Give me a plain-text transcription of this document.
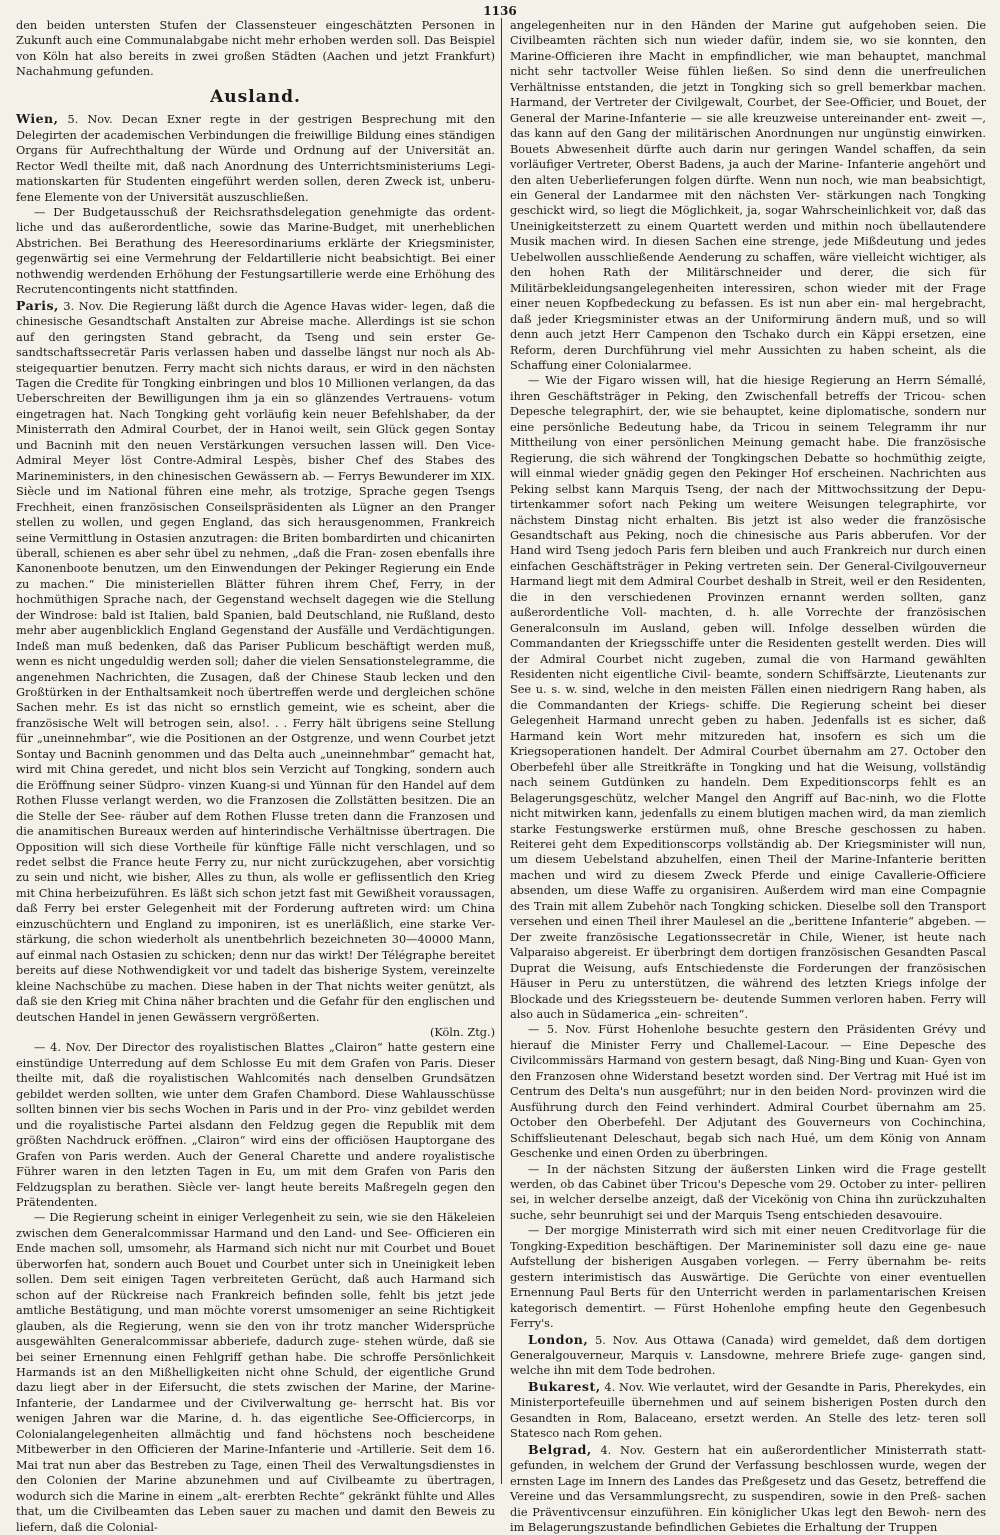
1136

den beiden untersten Stufen der Classensteuer eingeschätzten Personen in Zukunft auch eine Communalabgabe nicht mehr erhoben werden soll. Das Beispiel von Köln hat also bereits in zwei großen Städten (Aachen und jetzt Frankfurt) Nachahmung gefunden.

Ausland.

Wien, 5. Nov. Decan Exner regte in der gestrigen Besprechung mit den Delegirten der academischen Verbindungen die freiwillige Bildung eines ständigen Organs für Aufrechthaltung der Würde und Ordnung auf der Universität an. Rector Wedl theilte mit, daß nach Anordnung des Unterrichtsministeriums Legi- mationskarten für Studenten eingeführt werden sollen, deren Zweck ist, unberu- fene Elemente von der Universität auszuschließen.

— Der Budgetausschuß der Reichsrathsdelegation genehmigte das ordent- liche und das außerordentliche, sowie das Marine-Budget, mit unerheblichen Abstrichen. Bei Berathung des Heeresordinariums erklärte der Kriegsminister, gegenwärtig sei eine Vermehrung der Feldartillerie nicht beabsichtigt. Bei einer nothwendig werdenden Erhöhung der Festungsartillerie werde eine Erhöhung des Recrutencontingents nicht stattfinden.

Paris, 3. Nov. Die Regierung läßt durch die Agence Havas wider- legen, daß die chinesische Gesandtschaft Anstalten zur Abreise mache. Allerdings ist sie schon auf den geringsten Stand gebracht, da Tseng und sein erster Ge- sandtschaftssecretär Paris verlassen haben und dasselbe längst nur noch als Ab- steigequartier benutzen. Ferry macht sich nichts daraus, er wird in den nächsten Tagen die Credite für Tongking einbringen und blos 10 Millionen verlangen, da das Ueberschreiten der Bewilligungen ihm ja ein so glänzendes Vertrauens- votum eingetragen hat. Nach Tongking geht vorläufig kein neuer Befehlshaber, da der Ministerrath den Admiral Courbet, der in Hanoi weilt, sein Glück gegen Sontay und Bacninh mit den neuen Verstärkungen versuchen lassen will. Den Vice-Admiral Meyer löst Contre-Admiral Lespès, bisher Chef des Stabes des Marineministers, in den chinesischen Gewässern ab. — Ferrys Bewunderer im XIX. Siècle und im National führen eine mehr, als trotzige, Sprache gegen Tsengs Frechheit, einen französischen Conseilspräsidenten als Lügner an den Pranger stellen zu wollen, und gegen England, das sich herausgenommen, Frankreich seine Vermittlung in Ostasien anzutragen: die Briten bombardirten und chicanirten überall, schienen es aber sehr übel zu nehmen, „daß die Fran- zosen ebenfalls ihre Kanonenboote benutzen, um den Einwendungen der Pekinger Regierung ein Ende zu machen.“ Die ministeriellen Blätter führen ihrem Chef, Ferry, in der hochmüthigen Sprache nach, der Gegenstand wechselt dagegen wie die Stellung der Windrose: bald ist Italien, bald Spanien, bald Deutschland, nie Rußland, desto mehr aber augenblicklich England Gegenstand der Ausfälle und Verdächtigungen. Indeß man muß bedenken, daß das Pariser Publicum beschäftigt werden muß, wenn es nicht ungeduldig werden soll; daher die vielen Sensationstelegramme, die angenehmen Nachrichten, die Zusagen, daß der Chinese Staub lecken und den Großtürken in der Enthaltsamkeit noch übertreffen werde und dergleichen schöne Sachen mehr. Es ist das nicht so ernstlich gemeint, wie es scheint, aber die französische Welt will betrogen sein, also!. . . Ferry hält übrigens seine Stellung für „uneinnehmbar“, wie die Positionen an der Ostgrenze, und wenn Courbet jetzt Sontay und Bacninh genommen und das Delta auch „uneinnehmbar“ gemacht hat, wird mit China geredet, und nicht blos sein Verzicht auf Tongking, sondern auch die Eröffnung seiner Südpro- vinzen Kuang-si und Yünnan für den Handel auf dem Rothen Flusse verlangt werden, wo die Franzosen die Zollstätten besitzen. Die an die Stelle der See- räuber auf dem Rothen Flusse treten dann die Franzosen und die anamitischen Bureaux werden auf hinterindische Verhältnisse übertragen. Die Opposition will sich diese Vortheile für künftige Fälle nicht verschlagen, und so redet selbst die France heute Ferry zu, nur nicht zurückzugehen, aber vorsichtig zu sein und nicht, wie bisher, Alles zu thun, als wolle er geflissentlich den Krieg mit China herbeizuführen. Es läßt sich schon jetzt fast mit Gewißheit voraussagen, daß Ferry bei erster Gelegenheit mit der Forderung auftreten wird: um China einzuschüchtern und England zu imponiren, ist es unerläßlich, eine starke Ver- stärkung, die schon wiederholt als unentbehrlich bezeichneten 30—40000 Mann, auf einmal nach Ostasien zu schicken; denn nur das wirkt! Der Télégraphe bereitet bereits auf diese Nothwendigkeit vor und tadelt das bisherige System, vereinzelte kleine Nachschübe zu machen. Diese haben in der That nichts weiter genützt, als daß sie den Krieg mit China näher brachten und die Gefahr für den englischen und deutschen Handel in jenen Gewässern vergrößerten.

(Köln. Ztg.)

— 4. Nov. Der Director des royalistischen Blattes „Clairon“ hatte gestern eine einstündige Unterredung auf dem Schlosse Eu mit dem Grafen von Paris. Dieser theilte mit, daß die royalistischen Wahlcomités nach denselben Grundsätzen gebildet werden sollten, wie unter dem Grafen Chambord. Diese Wahlausschüsse sollten binnen vier bis sechs Wochen in Paris und in der Pro- vinz gebildet werden und die royalistische Partei alsdann den Feldzug gegen die Republik mit dem größten Nachdruck eröffnen. „Clairon“ wird eins der officiösen Hauptorgane des Grafen von Paris werden. Auch der General Charette und andere royalistische Führer waren in den letzten Tagen in Eu, um mit dem Grafen von Paris den Feldzugsplan zu berathen. Siècle ver- langt heute bereits Maßregeln gegen den Prätendenten.

— Die Regierung scheint in einiger Verlegenheit zu sein, wie sie den Häkeleien zwischen dem Generalcommissar Harmand und den Land- und See- Officieren ein Ende machen soll, umsomehr, als Harmand sich nicht nur mit Courbet und Bouet überworfen hat, sondern auch Bouet und Courbet unter sich in Uneinigkeit leben sollen. Dem seit einigen Tagen verbreiteten Gerücht, daß auch Harmand sich schon auf der Rückreise nach Frankreich befinden solle, fehlt bis jetzt jede amtliche Bestätigung, und man möchte vorerst umsomeniger an seine Richtigkeit glauben, als die Regierung, wenn sie den von ihr trotz mancher Widersprüche ausgewählten Generalcommissar abberiefe, dadurch zuge- stehen würde, daß sie bei seiner Ernennung einen Fehlgriff gethan habe. Die schroffe Persönlichkeit Harmands ist an den Mißhelligkeiten nicht ohne Schuld, der eigentliche Grund dazu liegt aber in der Eifersucht, die stets zwischen der Marine, der Marine-Infanterie, der Landarmee und der Civilverwaltung ge- herrscht hat. Bis vor wenigen Jahren war die Marine, d. h. das eigentliche See-Officiercorps, in Colonialangelegenheiten allmächtig und fand höchstens noch bescheidene Mitbewerber in den Officieren der Marine-Infanterie und -Artillerie. Seit dem 16. Mai trat nun aber das Bestreben zu Tage, einen Theil des Verwaltungsdienstes in den Colonien der Marine abzunehmen und auf Civilbeamte zu übertragen, wodurch sich die Marine in einem „alt- ererbten Rechte“ gekränkt fühlte und Alles that, um die Civilbeamten das Leben sauer zu machen und damit den Beweis zu liefern, daß die Colonial-

angelegenheiten nur in den Händen der Marine gut aufgehoben seien. Die Civilbeamten rächten sich nun wieder dafür, indem sie, wo sie konnten, den Marine-Officieren ihre Macht in empfindlicher, wie man behauptet, manchmal nicht sehr tactvoller Weise fühlen ließen. So sind denn die unerfreulichen Verhältnisse entstanden, die jetzt in Tongking sich so grell bemerkbar machen. Harmand, der Vertreter der Civilgewalt, Courbet, der See-Officier, und Bouet, der General der Marine-Infanterie — sie alle kreuzweise untereinander ent- zweit —, das kann auf den Gang der militärischen Anordnungen nur ungünstig einwirken. Bouets Abwesenheit dürfte auch darin nur geringen Wandel schaffen, da sein vorläufiger Vertreter, Oberst Badens, ja auch der Marine- Infanterie angehört und den alten Ueberlieferungen folgen dürfte. Wenn nun noch, wie man beabsichtigt, ein General der Landarmee mit den nächsten Ver- stärkungen nach Tongking geschickt wird, so liegt die Möglichkeit, ja, sogar Wahrscheinlichkeit vor, daß das Uneinigkeitsterzett zu einem Quartett werden und mithin noch übellautendere Musik machen wird. In diesen Sachen eine strenge, jede Mißdeutung und jedes Uebelwollen ausschließende Aenderung zu schaffen, wäre vielleicht wichtiger, als den hohen Rath der Militärschneider und derer, die sich für Militärbekleidungsangelegenheiten interessiren, schon wieder mit der Frage einer neuen Kopfbedeckung zu befassen. Es ist nun aber ein- mal hergebracht, daß jeder Kriegsminister etwas an der Uniformirung ändern muß, und so will denn auch jetzt Herr Campenon den Tschako durch ein Käppi ersetzen, eine Reform, deren Durchführung viel mehr Aussichten zu haben scheint, als die Schaffung einer Colonialarmee.

— Wie der Figaro wissen will, hat die hiesige Regierung an Herrn Sémallé, ihren Geschäftsträger in Peking, den Zwischenfall betreffs der Tricou- schen Depesche telegraphirt, der, wie sie behauptet, keine diplomatische, sondern nur eine persönliche Bedeutung habe, da Tricou in seinem Telegramm ihr nur Mittheilung von einer persönlichen Meinung gemacht habe. Die französische Regierung, die sich während der Tongkingschen Debatte so hochmüthig zeigte, will einmal wieder gnädig gegen den Pekinger Hof erscheinen. Nachrichten aus Peking selbst kann Marquis Tseng, der nach der Mittwochssitzung der Depu- tirtenkammer sofort nach Peking um weitere Weisungen telegraphirte, vor nächstem Dinstag nicht erhalten. Bis jetzt ist also weder die französische Gesandtschaft aus Peking, noch die chinesische aus Paris abberufen. Vor der Hand wird Tseng jedoch Paris fern bleiben und auch Frankreich nur durch einen einfachen Geschäftsträger in Peking vertreten sein. Der General-Civilgouverneur Harmand liegt mit dem Admiral Courbet deshalb in Streit, weil er den Residenten, die in den verschiedenen Provinzen ernannt werden sollten, ganz außerordentliche Voll- machten, d. h. alle Vorrechte der französischen Generalconsuln im Ausland, geben will. Infolge desselben würden die Commandanten der Kriegsschiffe unter die Residenten gestellt werden. Dies will der Admiral Courbet nicht zugeben, zumal die von Harmand gewählten Residenten nicht eigentliche Civil- beamte, sondern Schiffsärzte, Lieutenants zur See u. s. w. sind, welche in den meisten Fällen einen niedrigern Rang haben, als die Commandanten der Kriegs- schiffe. Die Regierung scheint bei dieser Gelegenheit Harmand unrecht geben zu haben. Jedenfalls ist es sicher, daß Harmand kein Wort mehr mitzureden hat, insofern es sich um die Kriegsoperationen handelt. Der Admiral Courbet übernahm am 27. October den Oberbefehl über alle Streitkräfte in Tongking und hat die Weisung, vollständig nach seinem Gutdünken zu handeln. Dem Expeditionscorps fehlt es an Belagerungsgeschütz, welcher Mangel den Angriff auf Bac-ninh, wo die Flotte nicht mitwirken kann, jedenfalls zu einem blutigen machen wird, da man ziemlich starke Festungswerke erstürmen muß, ohne Bresche geschossen zu haben. Reiterei geht dem Expeditionscorps vollständig ab. Der Kriegsminister will nun, um diesem Uebelstand abzuhelfen, einen Theil der Marine-Infanterie beritten machen und wird zu diesem Zweck Pferde und einige Cavallerie-Officiere absenden, um diese Waffe zu organisiren. Außerdem wird man eine Compagnie des Train mit allem Zubehör nach Tongking schicken. Dieselbe soll den Transport versehen und einen Theil ihrer Maulesel an die „berittene Infanterie“ abgeben. — Der zweite französische Legationssecretär in Chile, Wiener, ist heute nach Valparaiso abgereist. Er überbringt dem dortigen französischen Gesandten Pascal Duprat die Weisung, aufs Entschiedenste die Forderungen der französischen Häuser in Peru zu unterstützen, die während des letzten Kriegs infolge der Blockade und des Kriegssteuern be- deutende Summen verloren haben. Ferry will also auch in Südamerica „ein- schreiten“.

— 5. Nov. Fürst Hohenlohe besuchte gestern den Präsidenten Grévy und hierauf die Minister Ferry und Challemel-Lacour. — Eine Depesche des Civilcommissärs Harmand von gestern besagt, daß Ning-Bing und Kuan- Gyen von den Franzosen ohne Widerstand besetzt worden sind. Der Vertrag mit Hué ist im Centrum des Delta's nun ausgeführt; nur in den beiden Nord- provinzen wird die Ausführung durch den Feind verhindert. Admiral Courbet übernahm am 25. October den Oberbefehl. Der Adjutant des Gouverneurs von Cochinchina, Schiffslieutenant Deleschaut, begab sich nach Hué, um dem König von Annam Geschenke und einen Orden zu überbringen.

— In der nächsten Sitzung der äußersten Linken wird die Frage gestellt werden, ob das Cabinet über Tricou's Depesche vom 29. October zu inter- pelliren sei, in welcher derselbe anzeigt, daß der Vicekönig von China ihn zurückzuhalten suche, sehr beunruhigt sei und der Marquis Tseng entschieden desavouire.

— Der morgige Ministerrath wird sich mit einer neuen Creditvorlage für die Tongking-Expedition beschäftigen. Der Marineminister soll dazu eine ge- naue Aufstellung der bisherigen Ausgaben vorlegen. — Ferry übernahm be- reits gestern interimistisch das Auswärtige. Die Gerüchte von einer eventuellen Ernennung Paul Berts für den Unterricht werden in parlamentarischen Kreisen kategorisch dementirt. — Fürst Hohenlohe empfing heute den Gegenbesuch Ferry's.

London, 5. Nov. Aus Ottawa (Canada) wird gemeldet, daß dem dortigen Generalgouverneur, Marquis v. Lansdowne, mehrere Briefe zuge- gangen sind, welche ihn mit dem Tode bedrohen.

Bukarest, 4. Nov. Wie verlautet, wird der Gesandte in Paris, Pherekydes, ein Ministerportefeuille übernehmen und auf seinem bisherigen Posten durch den Gesandten in Rom, Balaceano, ersetzt werden. An Stelle des letz- teren soll Statesco nach Rom gehen.

Belgrad, 4. Nov. Gestern hat ein außerordentlicher Ministerrath statt- gefunden, in welchem der Grund der Verfassung beschlossen wurde, wegen der ernsten Lage im Innern des Landes das Preßgesetz und das Gesetz, betreffend die Vereine und das Versammlungsrecht, zu suspendiren, sowie in den Preß- sachen die Präventivcensur einzuführen. Ein königlicher Ukas legt den Bewoh- nern des im Belagerungszustande befindlichen Gebietes die Erhaltung der Truppen
